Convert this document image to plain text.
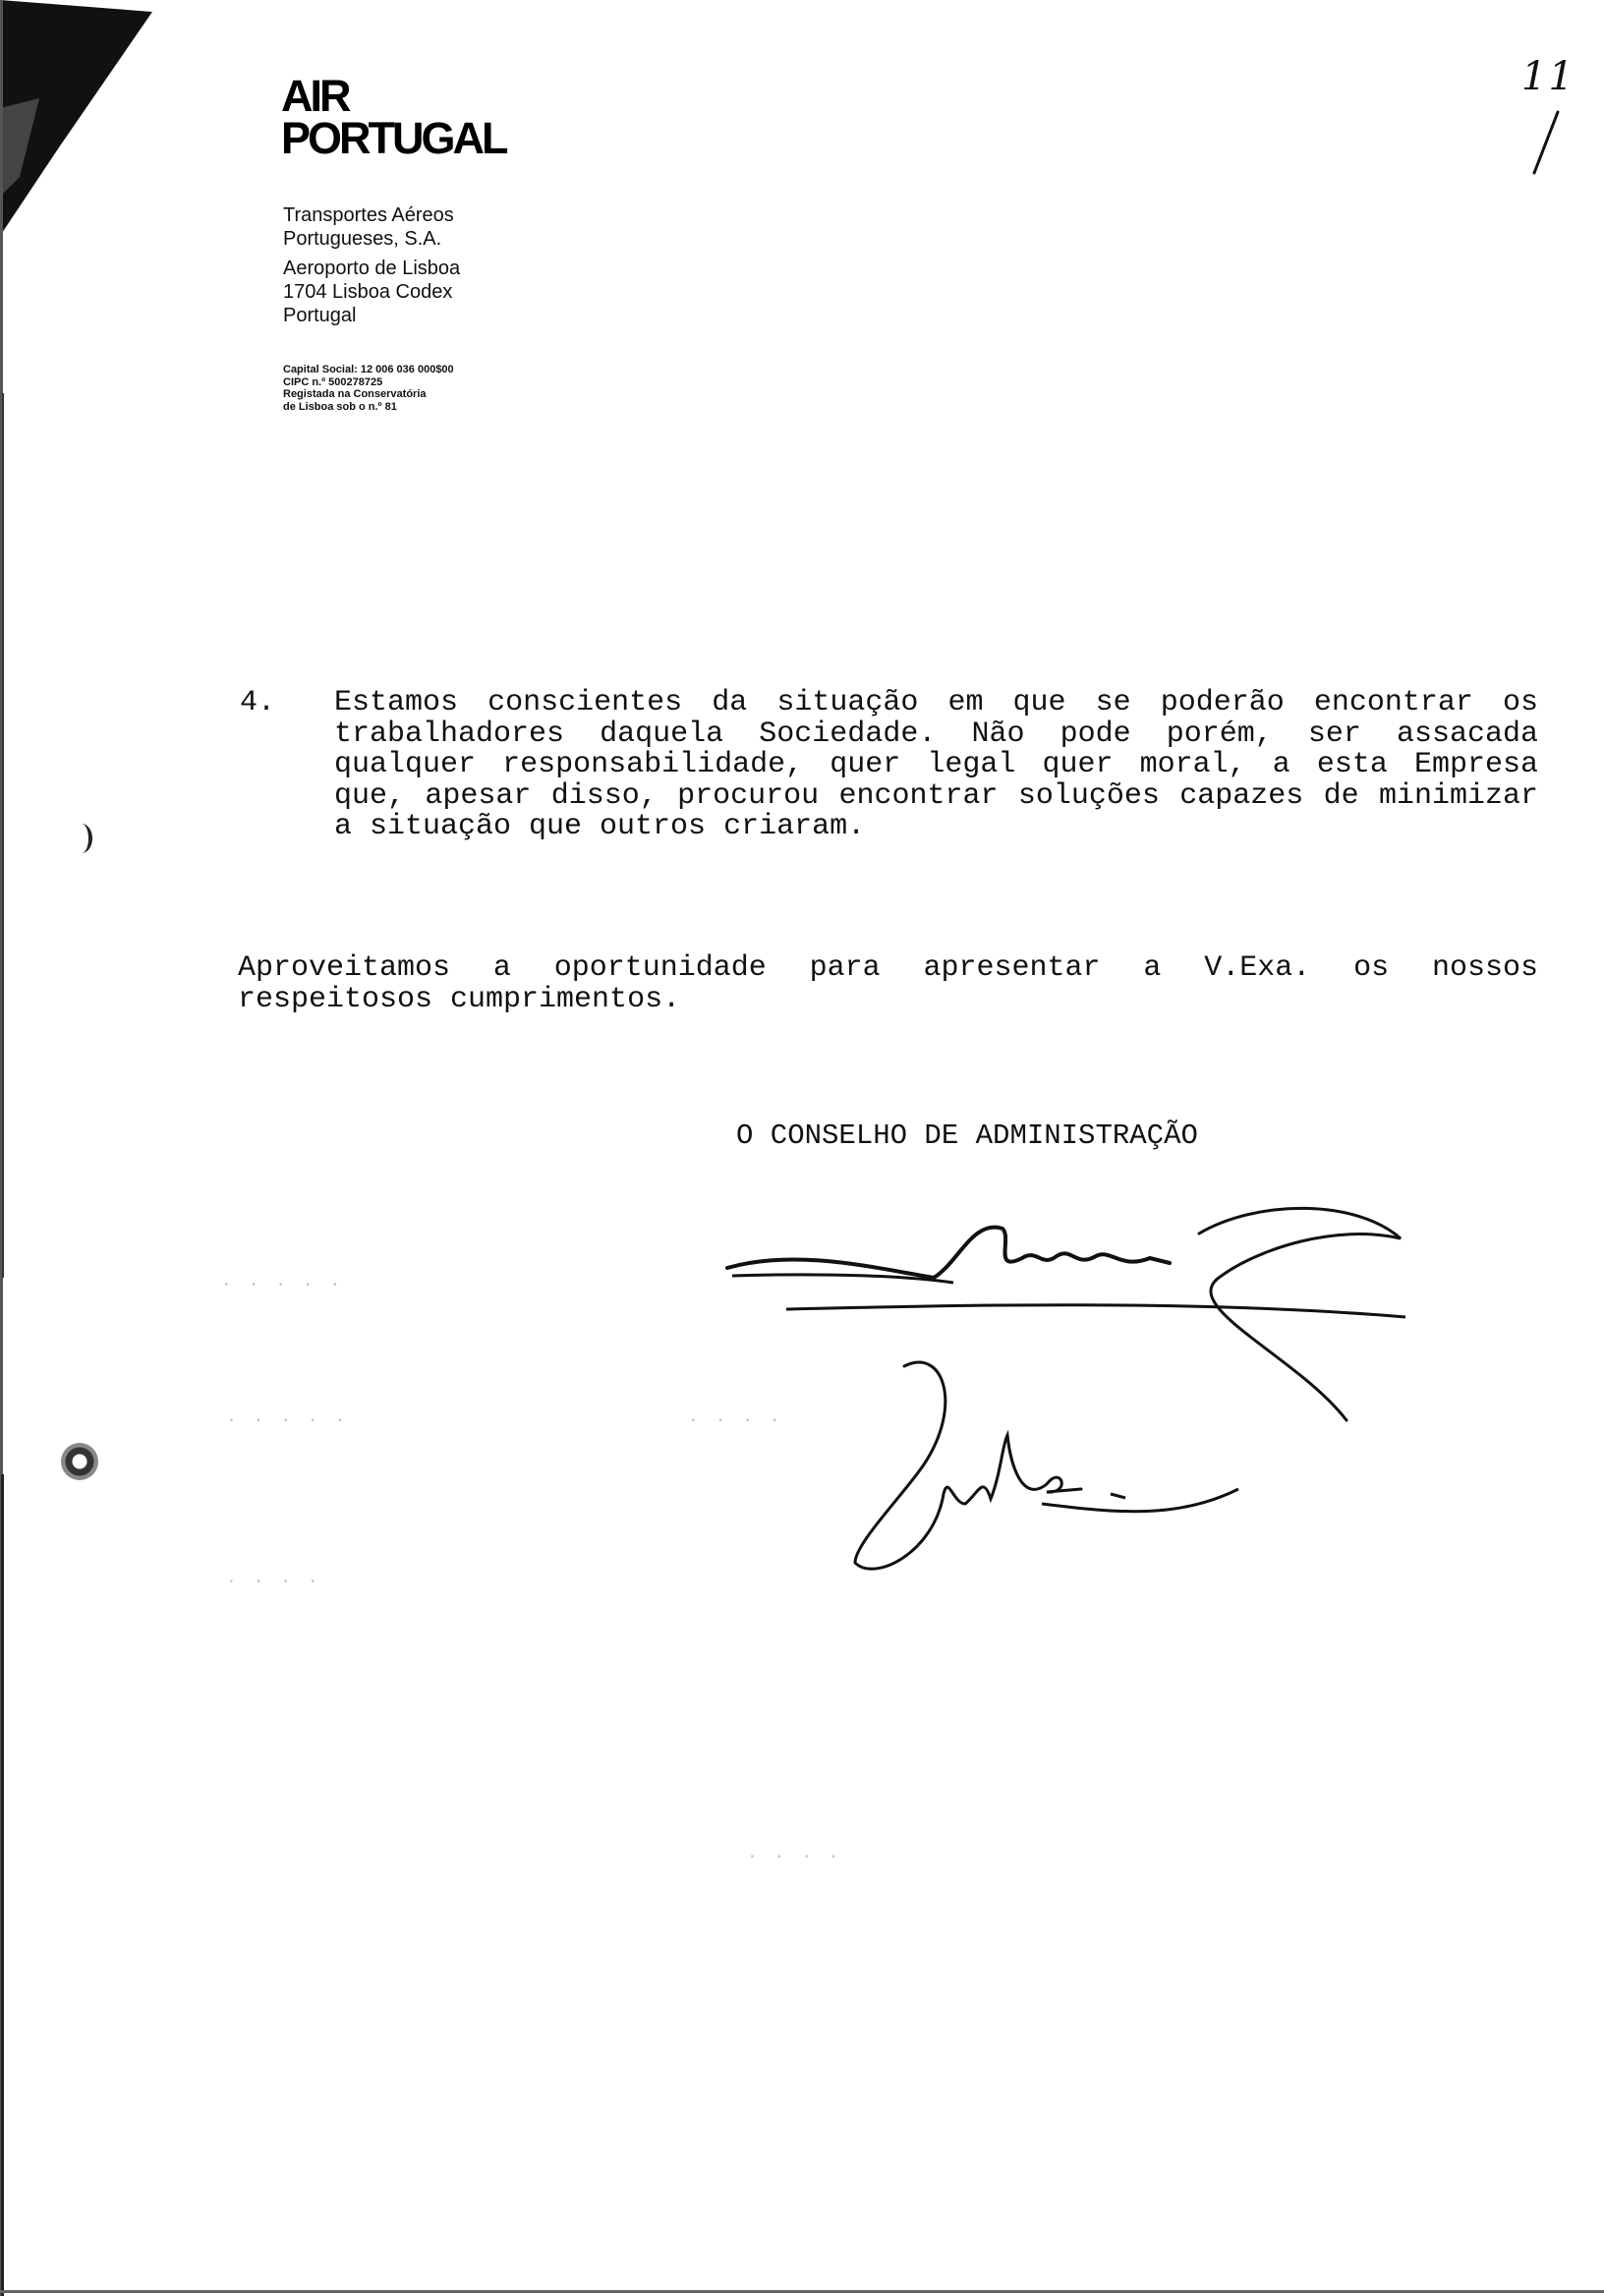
AIR
PORTUGAL
Transportes Aéreos
Portugueses, S.A.
Aeroporto de Lisboa
1704 Lisboa Codex
Portugal
Capital Social: 12 006 036 000$00
CIPC n.º 500278725
Registada na Conservatória
de Lisboa sob o n.º 81
11
4. Estamos conscientes da situação em que se poderão encontrar os trabalhadores daquela Sociedade. Não pode porém, ser assacada qualquer responsabilidade, quer legal quer moral, a esta Empresa que, apesar disso, procurou encontrar soluções capazes de minimizar a situação que outros criaram.
Aproveitamos a oportunidade para apresentar a V.Exa. os nossos respeitosos cumprimentos.
O CONSELHO DE ADMINISTRAÇÃO
· · · · ·
· · · · ·	· · · ·
· · · ·
· · · ·
